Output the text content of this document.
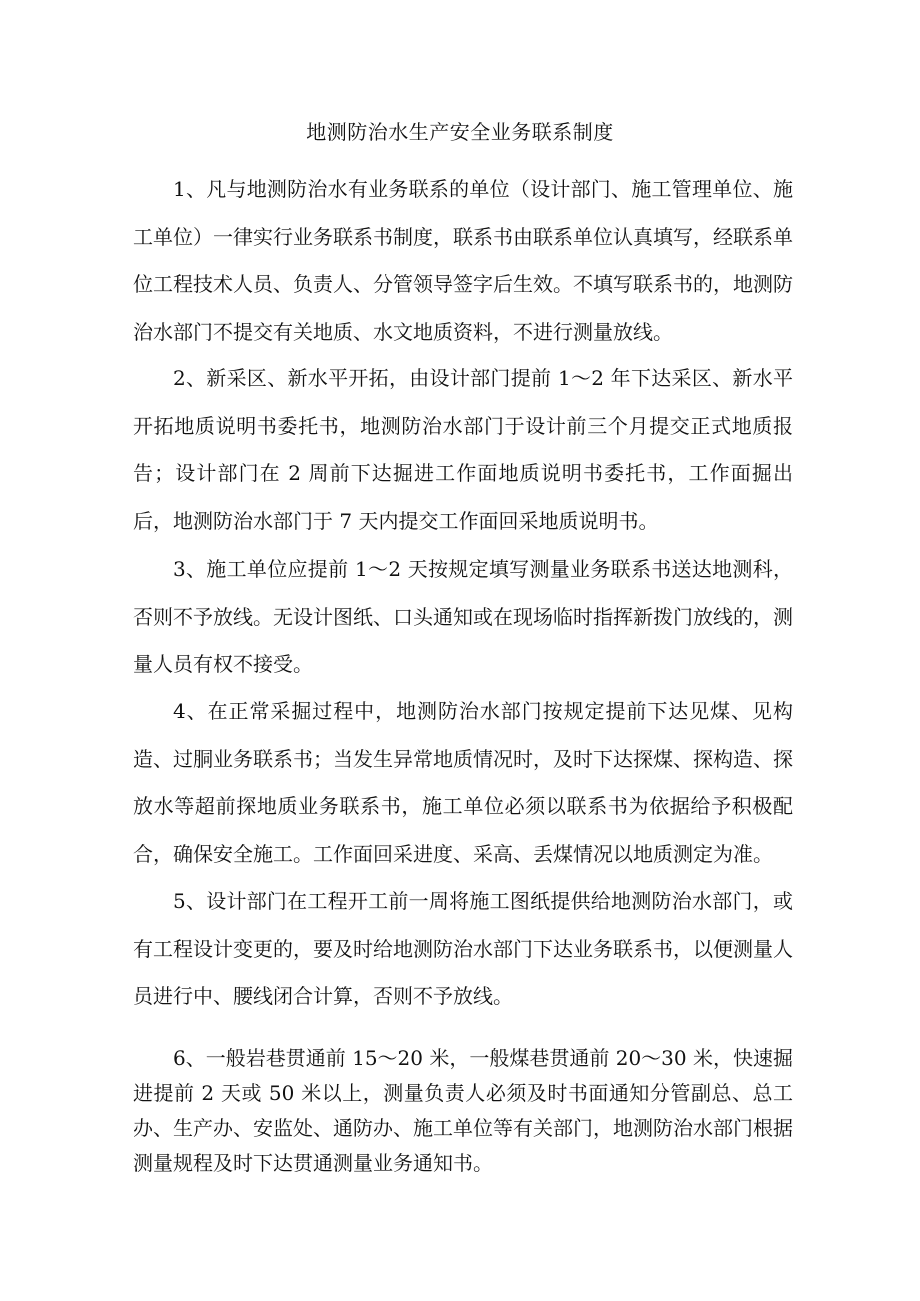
地测防治水生产安全业务联系制度

1、凡与地测防治水有业务联系的单位（设计部门、施工管理单位、施工单位）一律实行业务联系书制度，联系书由联系单位认真填写，经联系单位工程技术人员、负责人、分管领导签字后生效。不填写联系书的，地测防治水部门不提交有关地质、水文地质资料，不进行测量放线。

2、新采区、新水平开拓，由设计部门提前 1～2 年下达采区、新水平开拓地质说明书委托书，地测防治水部门于设计前三个月提交正式地质报告；设计部门在 2 周前下达掘进工作面地质说明书委托书，工作面掘出后，地测防治水部门于 7 天内提交工作面回采地质说明书。

3、施工单位应提前 1～2 天按规定填写测量业务联系书送达地测科，否则不予放线。无设计图纸、口头通知或在现场临时指挥新拨门放线的，测量人员有权不接受。

4、在正常采掘过程中，地测防治水部门按规定提前下达见煤、见构造、过胴业务联系书；当发生异常地质情况时，及时下达探煤、探构造、探放水等超前探地质业务联系书，施工单位必须以联系书为依据给予积极配合，确保安全施工。工作面回采进度、采高、丢煤情况以地质测定为准。

5、设计部门在工程开工前一周将施工图纸提供给地测防治水部门，或有工程设计变更的，要及时给地测防治水部门下达业务联系书，以便测量人员进行中、腰线闭合计算，否则不予放线。

6、一般岩巷贯通前 15～20 米，一般煤巷贯通前 20～30 米，快速掘进提前 2 天或 50 米以上，测量负责人必须及时书面通知分管副总、总工办、生产办、安监处、通防办、施工单位等有关部门，地测防治水部门根据测量规程及时下达贯通测量业务通知书。
